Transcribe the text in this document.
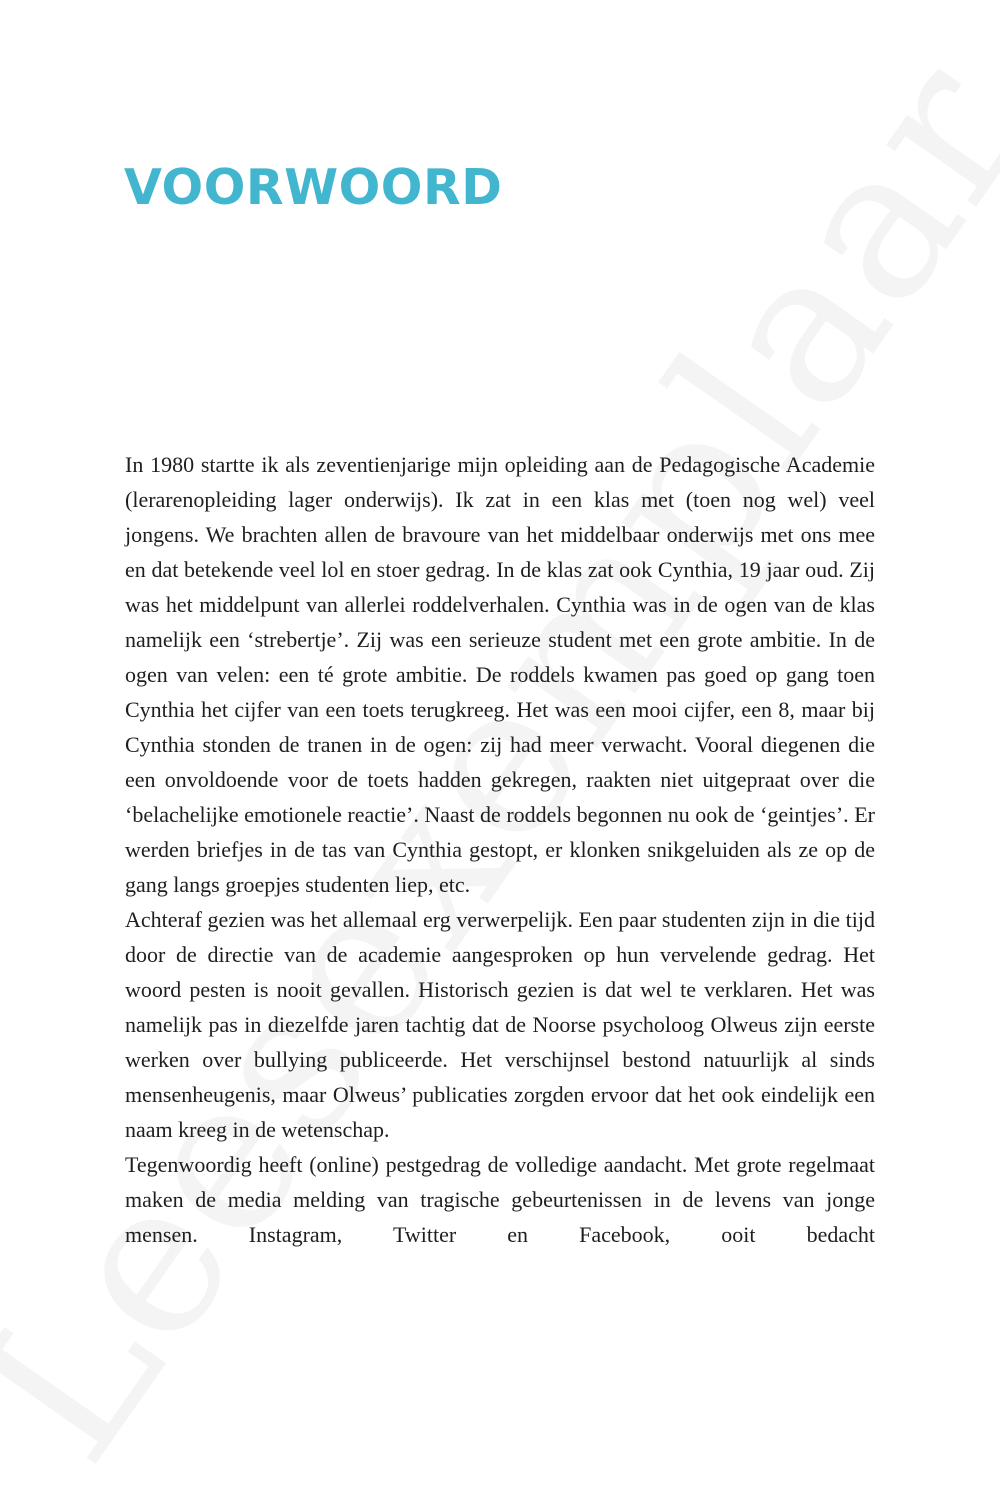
VOORWOORD

In 1980 startte ik als zeventienjarige mijn opleiding aan de Pedagogische Academie (lerarenopleiding lager onderwijs). Ik zat in een klas met (toen nog wel) veel jongens. We brachten allen de bravoure van het middelbaar onderwijs met ons mee en dat betekende veel lol en stoer gedrag. In de klas zat ook Cynthia, 19 jaar oud. Zij was het middelpunt van allerlei roddelverhalen. Cynthia was in de ogen van de klas namelijk een ‘strebertje’. Zij was een serieuze student met een grote ambitie. In de ogen van velen: een té grote ambitie. De roddels kwamen pas goed op gang toen Cynthia het cijfer van een toets terugkreeg. Het was een mooi cijfer, een 8, maar bij Cynthia stonden de tranen in de ogen: zij had meer verwacht. Vooral diegenen die een onvoldoende voor de toets hadden gekregen, raakten niet uitgepraat over die ‘belachelijke emotionele reactie’. Naast de roddels begonnen nu ook de ‘geintjes’. Er werden briefjes in de tas van Cynthia gestopt, er klonken snikgeluiden als ze op de gang langs groepjes studenten liep, etc.

Achteraf gezien was het allemaal erg verwerpelijk. Een paar studenten zijn in die tijd door de directie van de academie aangesproken op hun vervelende gedrag. Het woord pesten is nooit gevallen. Historisch gezien is dat wel te verklaren. Het was namelijk pas in diezelfde jaren tachtig dat de Noorse psycholoog Olweus zijn eerste werken over bullying publiceerde. Het verschijnsel bestond natuurlijk al sinds mensenheugenis, maar Olweus’ publicaties zorgden ervoor dat het ook eindelijk een naam kreeg in de wetenschap.

Tegenwoordig heeft (online) pestgedrag de volledige aandacht. Met grote regelmaat maken de media melding van tragische gebeurtenissen in de levens van jonge mensen. Instagram, Twitter en Facebook, ooit bedacht
